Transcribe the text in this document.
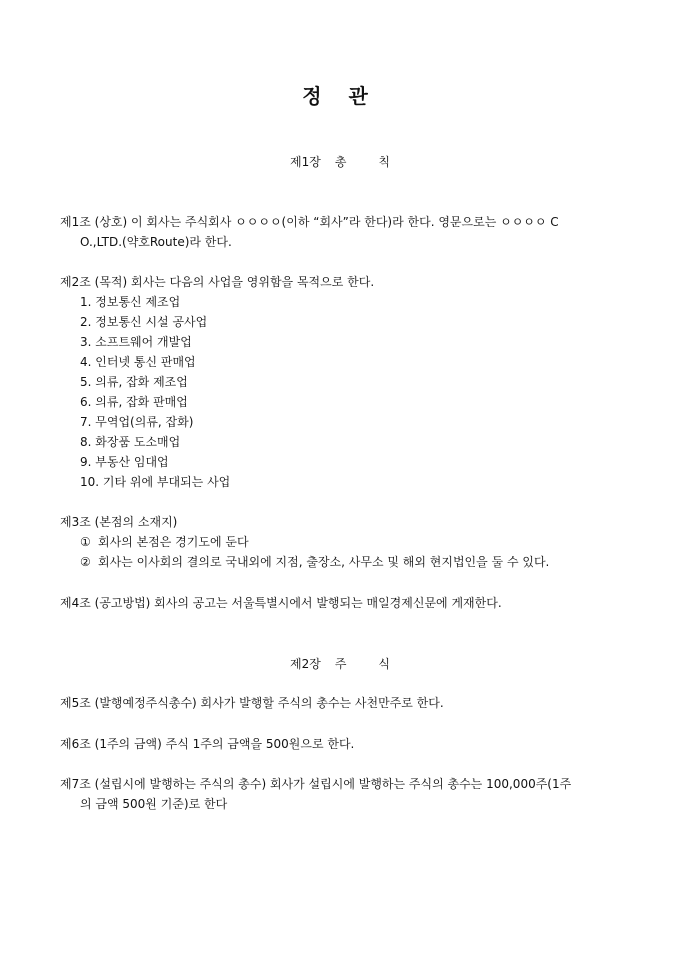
정 관
제1장 총	칙
제1조 (상호) 이 회사는 주식회사 ㅇㅇㅇㅇ(이하 “회사”라 한다)라 한다. 영문으로는 ㅇㅇㅇㅇ C
O.,LTD.(약호Route)라 한다.
제2조 (목적) 회사는 다음의 사업을 영위함을 목적으로 한다.
1. 정보통신 제조업
2. 정보통신 시설 공사업
3. 소프트웨어 개발업
4. 인터넷 통신 판매업
5. 의류, 잡화 제조업
6. 의류, 잡화 판매업
7. 무역업(의류, 잡화)
8. 화장품 도소매업
9. 부동산 임대업
10. 기타 위에 부대되는 사업
제3조 (본점의 소재지)
① 회사의 본점은 경기도에 둔다
② 회사는 이사회의 결의로 국내외에 지점, 출장소, 사무소 및 해외 현지법인을 둘 수 있다.
제4조 (공고방법) 회사의 공고는 서울특별시에서 발행되는 매일경제신문에 게재한다.
제2장 주	식
제5조 (발행예정주식총수) 회사가 발행할 주식의 총수는 사천만주로 한다.
제6조 (1주의 금액) 주식 1주의 금액을 500원으로 한다.
제7조 (설립시에 발행하는 주식의 총수) 회사가 설립시에 발행하는 주식의 총수는 100,000주(1주
의 금액 500원 기준)로 한다
